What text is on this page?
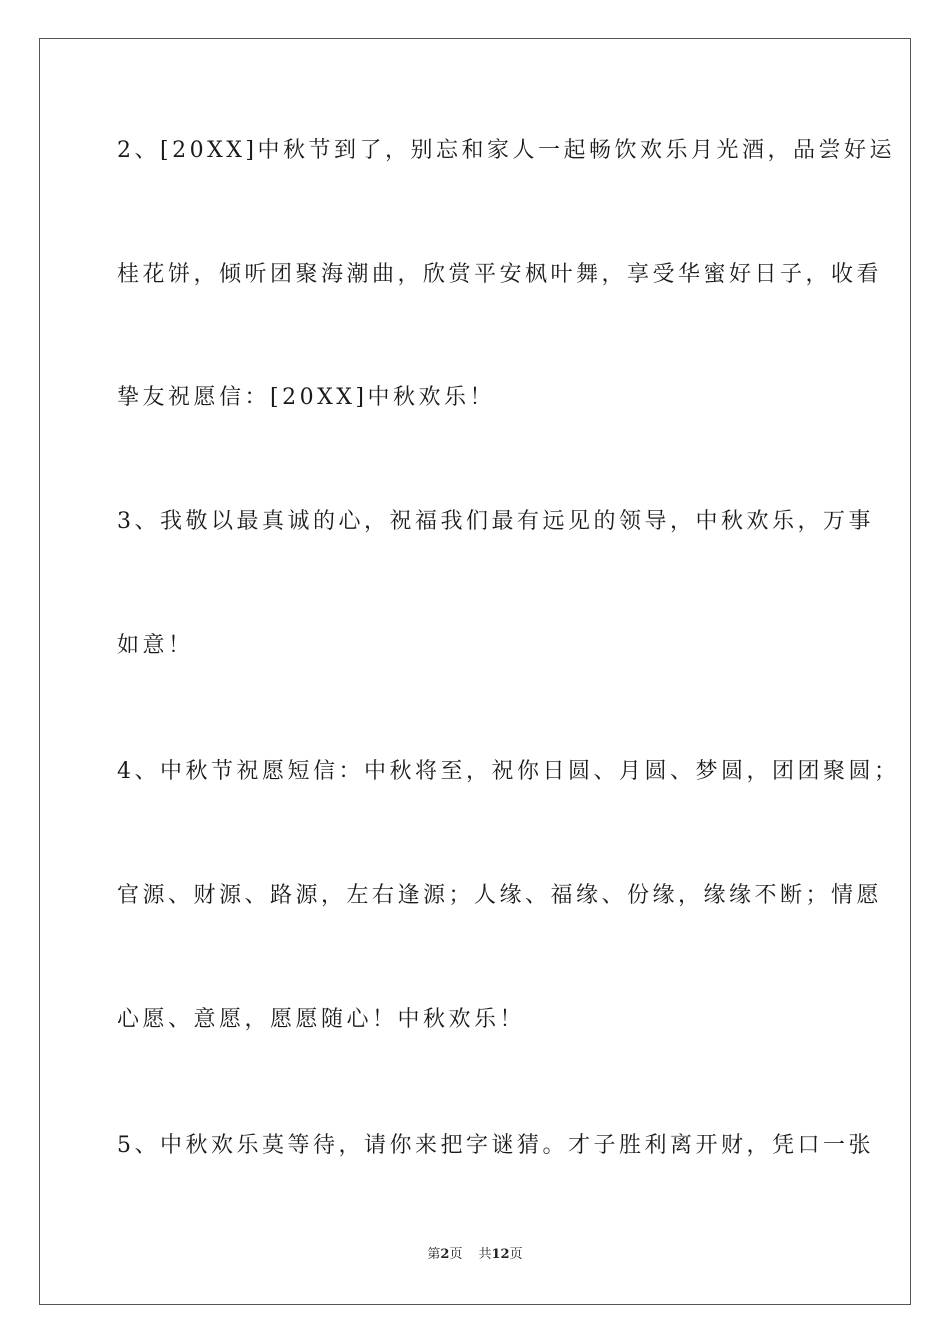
2、[20XX]中秋节到了，别忘和家人一起畅饮欢乐月光酒，品尝好运
桂花饼，倾听团聚海潮曲，欣赏平安枫叶舞，享受华蜜好日子，收看
挚友祝愿信：[20XX]中秋欢乐！
3、我敬以最真诚的心，祝福我们最有远见的领导，中秋欢乐，万事
如意！
4、中秋节祝愿短信：中秋将至，祝你日圆、月圆、梦圆，团团聚圆；
官源、财源、路源，左右逢源；人缘、福缘、份缘，缘缘不断；情愿
心愿、意愿，愿愿随心！中秋欢乐！
5、中秋欢乐莫等待，请你来把字谜猜。才子胜利离开财，凭口一张
第2页 共12页
